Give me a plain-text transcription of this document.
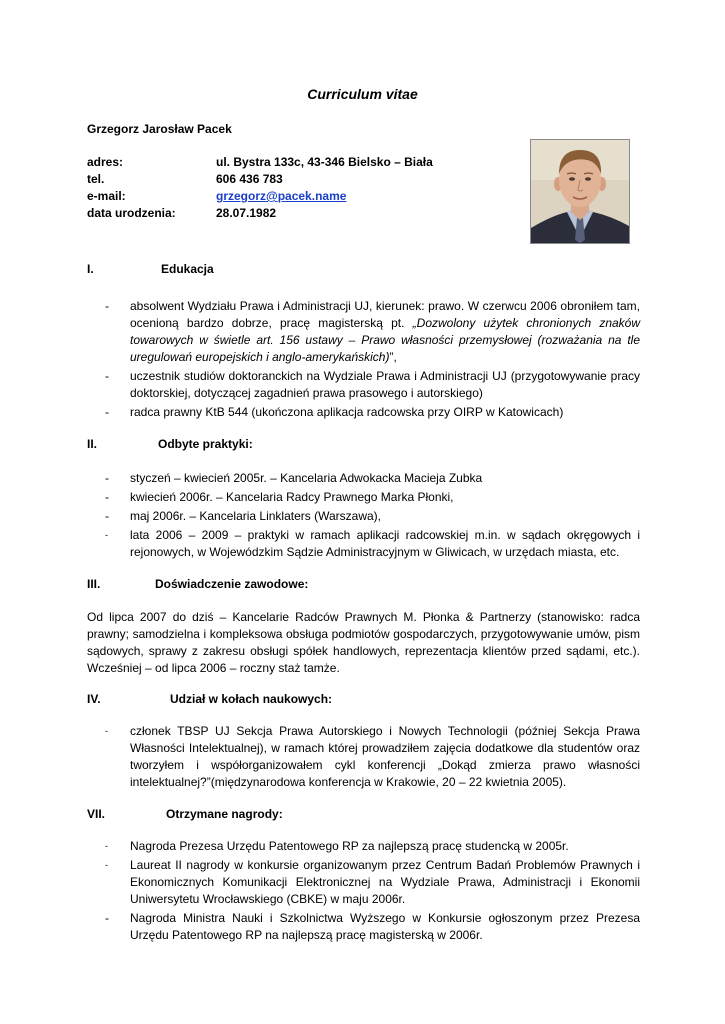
Curriculum vitae
Grzegorz Jarosław Pacek
adres:	ul. Bystra 133c, 43-346 Bielsko – Biała
tel.	606 436 783
e-mail:	grzegorz@pacek.name
data urodzenia:	28.07.1982
I.	Edukacja
- absolwent Wydziału Prawa i Administracji UJ, kierunek: prawo. W czerwcu 2006 obroniłem tam, ocenioną bardzo dobrze, pracę magisterską pt. „Dozwolony użytek chronionych znaków towarowych w świetle art. 156 ustawy – Prawo własności przemysłowej (rozważania na tle uregulowań europejskich i anglo-amerykańskich)”,
- uczestnik studiów doktoranckich na Wydziale Prawa i Administracji UJ (przygotowywanie pracy doktorskiej, dotyczącej zagadnień prawa prasowego i autorskiego)
- radca prawny KtB 544 (ukończona aplikacja radcowska przy OIRP w Katowicach)
II.	Odbyte praktyki:
- styczeń – kwiecień 2005r. – Kancelaria Adwokacka Macieja Zubka
- kwiecień 2006r. – Kancelaria Radcy Prawnego Marka Płonki,
- maj 2006r. – Kancelaria Linklaters (Warszawa),
- lata 2006 – 2009 – praktyki w ramach aplikacji radcowskiej m.in. w sądach okręgowych i rejonowych, w Wojewódzkim Sądzie Administracyjnym w Gliwicach, w urzędach miasta, etc.
III.	Doświadczenie zawodowe:
Od lipca 2007 do dziś – Kancelarie Radców Prawnych M. Płonka & Partnerzy (stanowisko: radca prawny; samodzielna i kompleksowa obsługa podmiotów gospodarczych, przygotowywanie umów, pism sądowych, sprawy z zakresu obsługi spółek handlowych, reprezentacja klientów przed sądami, etc.). Wcześniej – od lipca 2006 – roczny staż tamże.
IV.	Udział w kołach naukowych:
- członek TBSP UJ Sekcja Prawa Autorskiego i Nowych Technologii (później Sekcja Prawa Własności Intelektualnej), w ramach której prowadziłem zajęcia dodatkowe dla studentów oraz tworzyłem i współorganizowałem cykl konferencji „Dokąd zmierza prawo własności intelektualnej?”(międzynarodowa konferencja w Krakowie, 20 – 22 kwietnia 2005).
VII.	Otrzymane nagrody:
- Nagroda Prezesa Urzędu Patentowego RP za najlepszą pracę studencką w 2005r.
- Laureat II nagrody w konkursie organizowanym przez Centrum Badań Problemów Prawnych i Ekonomicznych Komunikacji Elektronicznej na Wydziale Prawa, Administracji i Ekonomii Uniwersytetu Wrocławskiego (CBKE) w maju 2006r.
- Nagroda Ministra Nauki i Szkolnictwa Wyższego w Konkursie ogłoszonym przez Prezesa Urzędu Patentowego RP na najlepszą pracę magisterską w 2006r.
